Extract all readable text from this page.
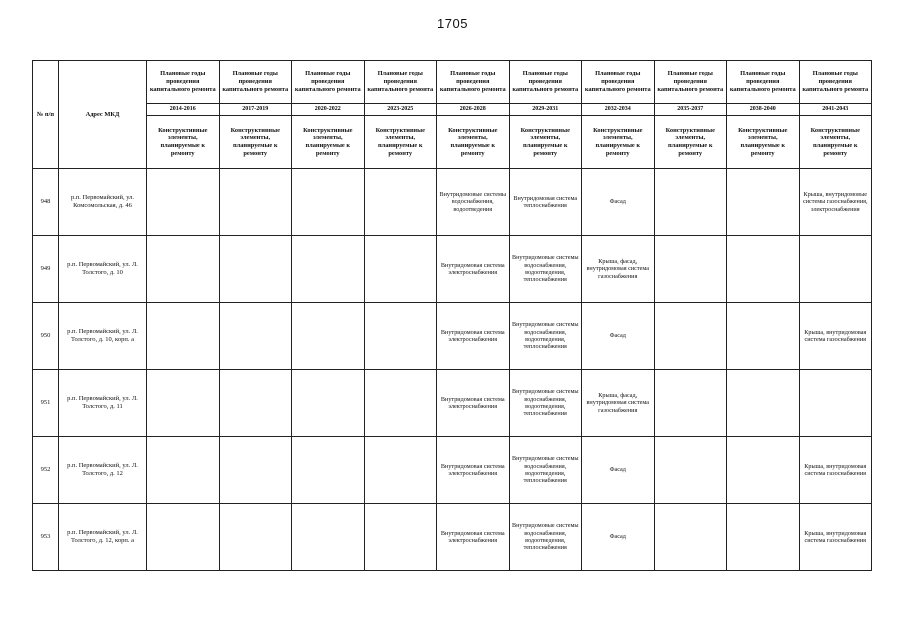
1705
№ п/п	Адрес МКД	Плановые годы проведения капитального ремонта	Плановые годы проведения капитального ремонта	Плановые годы проведения капитального ремонта	Плановые годы проведения капитального ремонта	Плановые годы проведения капитального ремонта	Плановые годы проведения капитального ремонта	Плановые годы проведения капитального ремонта	Плановые годы проведения капитального ремонта	Плановые годы проведения капитального ремонта	Плановые годы проведения капитального ремонта
		2014-2016	2017-2019	2020-2022	2023-2025	2026-2028	2029-2031	2032-2034	2035-2037	2038-2040	2041-2043
		Конструктивные элементы, планируемые к ремонту	Конструктивные элементы, планируемые к ремонту	Конструктивные элементы, планируемые к ремонту	Конструктивные элементы, планируемые к ремонту	Конструктивные элементы, планируемые к ремонту	Конструктивные элементы, планируемые к ремонту	Конструктивные элементы, планируемые к ремонту	Конструктивные элементы, планируемые к ремонту	Конструктивные элементы, планируемые к ремонту	Конструктивные элементы, планируемые к ремонту
948	р.п. Первомайский, ул. Комсомольская, д. 46					Внутридомовые системы водоснабжения, водоотведения	Внутридомовая система теплоснабжения	Фасад			Крыша, внутридомовые системы газоснабжения, электроснабжения
949	р.п. Первомайский, ул. Л. Толстого, д. 10					Внутридомовая система электроснабжения	Внутридомовые системы водоснабжения, водоотведения, теплоснабжения	Крыша, фасад, внутридомовая система газоснабжения			
950	р.п. Первомайский, ул. Л. Толстого, д. 10, корп. а					Внутридомовая система электроснабжения	Внутридомовые системы водоснабжения, водоотведения, теплоснабжения	Фасад			Крыша, внутридомовая система газоснабжения
951	р.п. Первомайский, ул. Л. Толстого, д. 11					Внутридомовая система электроснабжения	Внутридомовые системы водоснабжения, водоотведения, теплоснабжения	Крыша, фасад, внутридомовая система газоснабжения			
952	р.п. Первомайский, ул. Л. Толстого, д. 12					Внутридомовая система электроснабжения	Внутридомовые системы водоснабжения, водоотведения, теплоснабжения	Фасад			Крыша, внутридомовая система газоснабжения
953	р.п. Первомайский, ул. Л. Толстого, д. 12, корп. а					Внутридомовая система электроснабжения	Внутридомовые системы водоснабжения, водоотведения, теплоснабжения	Фасад			Крыша, внутридомовая система газоснабжения
